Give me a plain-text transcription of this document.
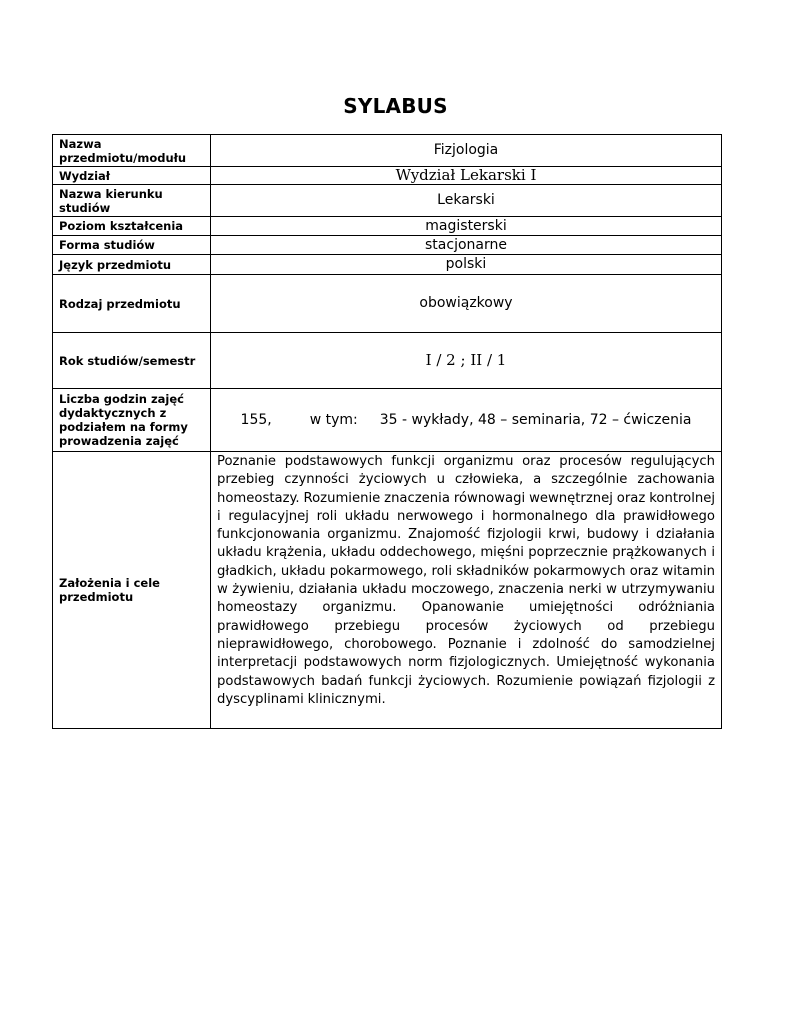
SYLABUS
Nazwa przedmiotu/modułu	Fizjologia
Wydział	Wydział Lekarski I
Nazwa kierunku studiów	Lekarski
Poziom kształcenia	magisterski
Forma studiów	stacjonarne
Język przedmiotu	polski
Rodzaj przedmiotu	obowiązkowy
Rok studiów/semestr	I / 2 ; II / 1
Liczba godzin zajęć dydaktycznych z podziałem na formy prowadzenia zajęć	155, w tym: 35 - wykłady, 48 – seminaria, 72 – ćwiczenia
Założenia i cele przedmiotu	Poznanie podstawowych funkcji organizmu oraz procesów regulujących przebieg czynności życiowych u człowieka, a szczególnie zachowania homeostazy. Rozumienie znaczenia równowagi wewnętrznej oraz kontrolnej i regulacyjnej roli układu nerwowego i hormonalnego dla prawidłowego funkcjonowania organizmu. Znajomość fizjologii krwi, budowy i działania układu krążenia, układu oddechowego, mięśni poprzecznie prążkowanych i gładkich, układu pokarmowego, roli składników pokarmowych oraz witamin w żywieniu, działania układu moczowego, znaczenia nerki w utrzymywaniu homeostazy organizmu. Opanowanie umiejętności odróżniania prawidłowego przebiegu procesów życiowych od przebiegu nieprawidłowego, chorobowego. Poznanie i zdolność do samodzielnej interpretacji podstawowych norm fizjologicznych. Umiejętność wykonania podstawowych badań funkcji życiowych. Rozumienie powiązań fizjologii z dyscyplinami klinicznymi.
